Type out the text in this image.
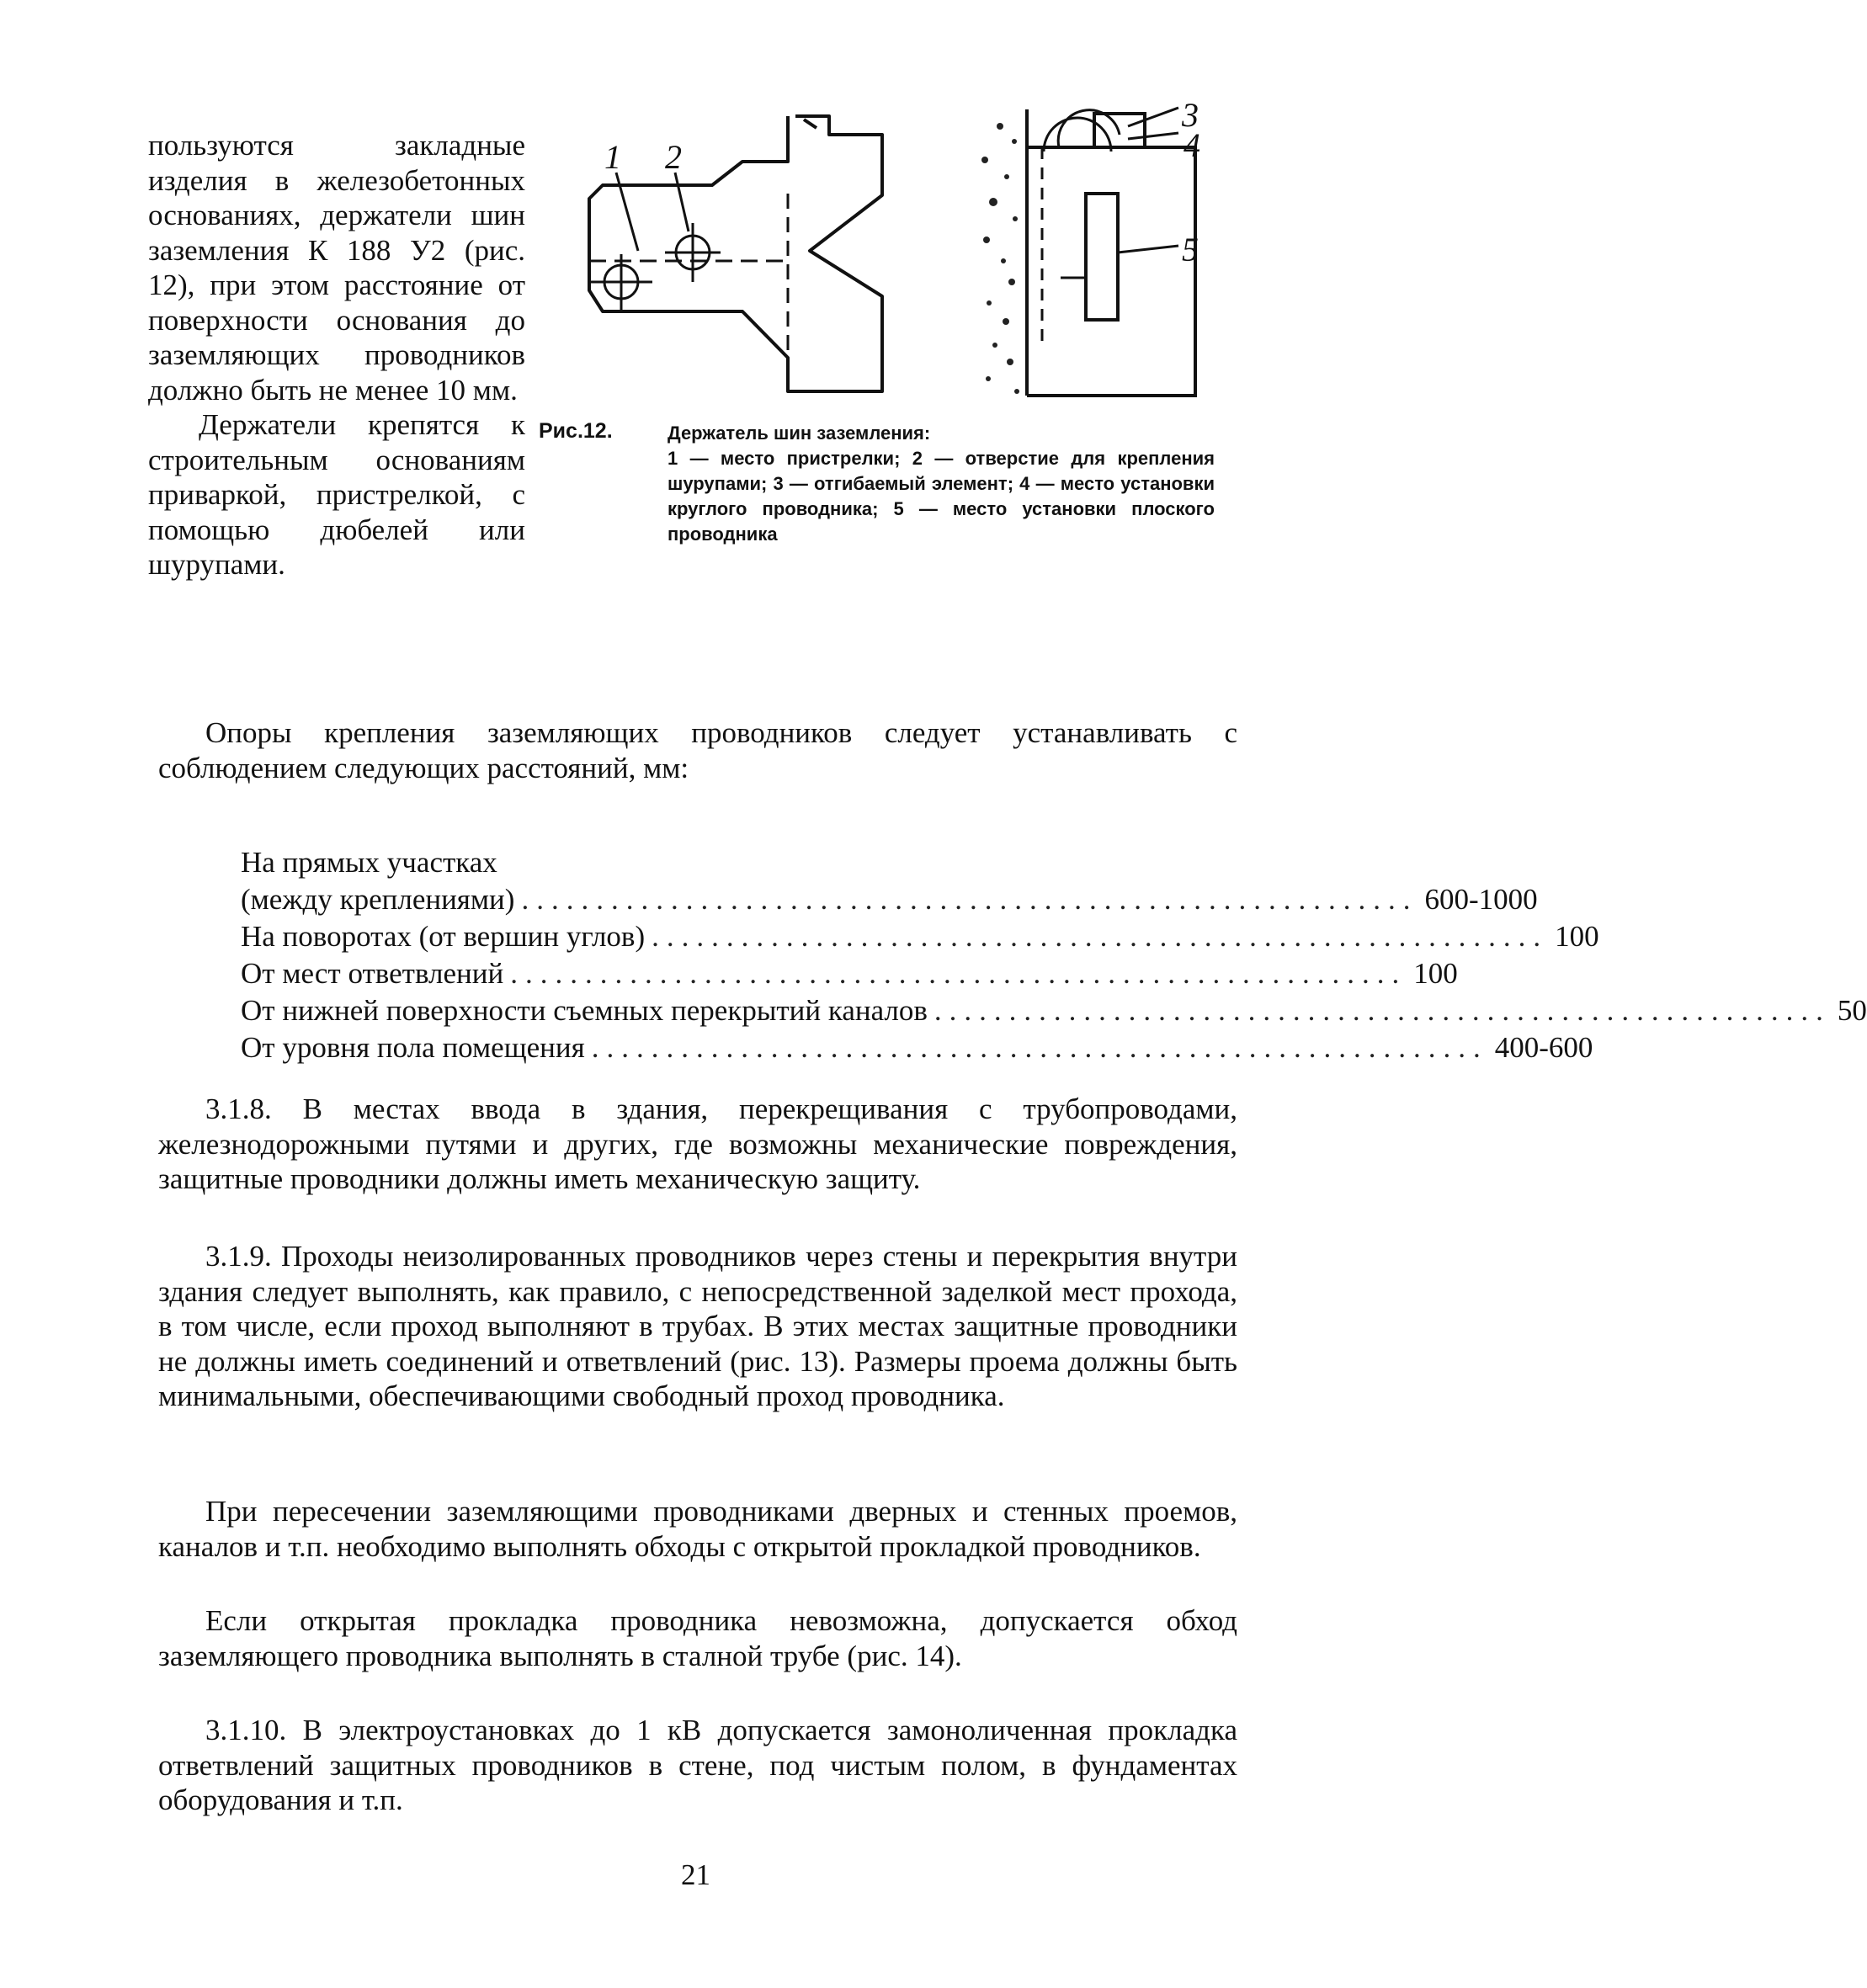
пользуются закладные изделия в железобетонных основаниях, держатели шин заземления К 188 У2 (рис. 12), при этом расстояние от поверхности основания до заземляющих проводников должно быть не менее 10 мм.

Держатели крепятся к строительным основаниям приваркой, пристрелкой, с помощью дюбелей или шурупами.

1 2
3
4
5
Рис.12.	Держатель шин заземления:
1 — место пристрелки; 2 — отверстие для крепления шурупами; 3 — отгибаемый элемент; 4 — место установки круглого проводника; 5 — место установки плоского проводника

Опоры крепления заземляющих проводников следует устанавливать с соблюдением следующих расстояний, мм:

На прямых участках
(между креплениями) ............................................................ 600-1000
На поворотах (от вершин углов) ............................................................ 100
От мест ответвлений ............................................................ 100
От нижней поверхности съемных перекрытий каналов ............................................................ 50
От уровня пола помещения ............................................................ 400-600

3.1.8. В местах ввода в здания, перекрещивания с трубопроводами, железнодорожными путями и других, где возможны механические повреждения, защитные проводники должны иметь механическую защиту.

3.1.9. Проходы неизолированных проводников через стены и перекрытия внутри здания следует выполнять, как правило, с непосредственной заделкой мест прохода, в том числе, если проход выполняют в трубах. В этих местах защитные проводники не должны иметь соединений и ответвлений (рис. 13). Размеры проема должны быть минимальными, обеспечивающими свободный проход проводника.

При пересечении заземляющими проводниками дверных и стенных проемов, каналов и т.п. необходимо выполнять обходы с открытой прокладкой проводников.

Если открытая прокладка проводника невозможна, допускается обход заземляющего проводника выполнять в сталной трубе (рис. 14).

3.1.10. В электроустановках до 1 кВ допускается замоноличенная прокладка ответвлений защитных проводников в стене, под чистым полом, в фундаментах оборудования и т.п.

21
